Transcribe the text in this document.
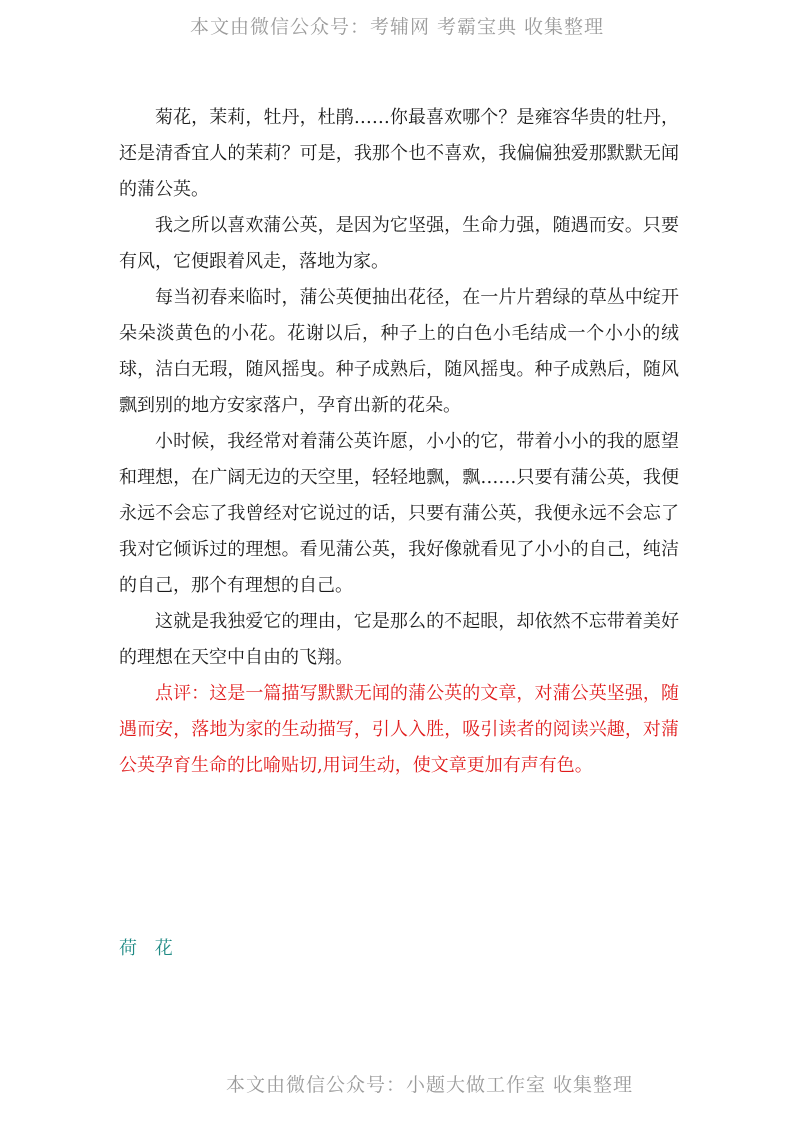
本文由微信公众号：考辅网 考霸宝典 收集整理

菊花，茉莉，牡丹，杜鹃……你最喜欢哪个？是雍容华贵的牡丹，还是清香宜人的茉莉？可是，我那个也不喜欢，我偏偏独爱那默默无闻的蒲公英。

我之所以喜欢蒲公英，是因为它坚强，生命力强，随遇而安。只要有风，它便跟着风走，落地为家。

每当初春来临时，蒲公英便抽出花径，在一片片碧绿的草丛中绽开朵朵淡黄色的小花。花谢以后，种子上的白色小毛结成一个小小的绒球，洁白无瑕，随风摇曳。种子成熟后，随风摇曳。种子成熟后，随风飘到别的地方安家落户，孕育出新的花朵。

小时候，我经常对着蒲公英许愿，小小的它，带着小小的我的愿望和理想，在广阔无边的天空里，轻轻地飘，飘……只要有蒲公英，我便永远不会忘了我曾经对它说过的话，只要有蒲公英，我便永远不会忘了我对它倾诉过的理想。看见蒲公英，我好像就看见了小小的自己，纯洁的自己，那个有理想的自己。

这就是我独爱它的理由，它是那么的不起眼，却依然不忘带着美好的理想在天空中自由的飞翔。

点评：这是一篇描写默默无闻的蒲公英的文章，对蒲公英坚强，随遇而安，落地为家的生动描写，引人入胜，吸引读者的阅读兴趣，对蒲公英孕育生命的比喻贴切,用词生动，使文章更加有声有色。

荷 花
本文由微信公众号：小题大做工作室 收集整理
